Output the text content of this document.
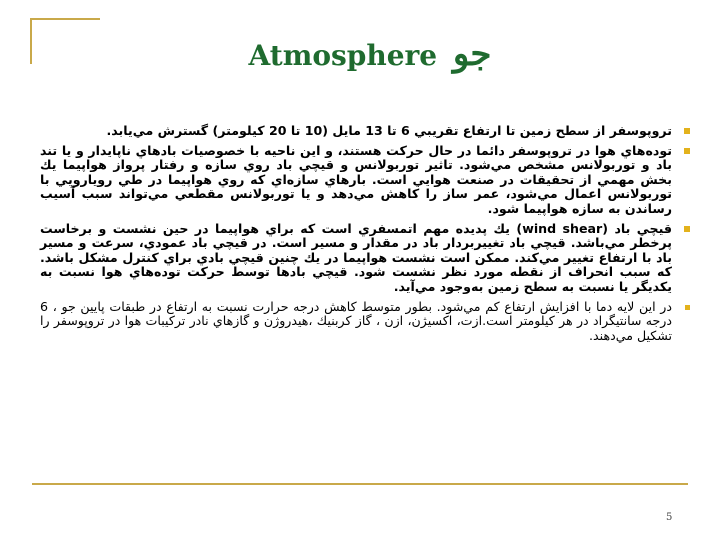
Atmosphere جو
تروپوسفر از سطح زمين تا ارتفاع تقريبي 6 تا 13 مايل (10 تا 20 كيلومتر) گسترش مي‌يابد.
توده‌هاي هوا در تروپوسفر دائما در حال حركت هستند، و اين ناحيه با خصوصيات بادهاي ناپايدار و يا تند باد و توربولانس مشخص مي‌شود. تاثير توربولانس و قيچي باد روي سازه و رفتار پرواز هواپيما يك بخش مهمي از تحقيقات در صنعت هوايي است. بارهاي سازه‌اي كه روي هواپيما در طي رويارويي با توربولانس اعمال مي‌شود، عمر ساز را كاهش مي‌دهد و يا توربولانس مقطعي مي‌تواند سبب آسيب رساندن به سازه هواپيما شود.
قيچي باد (wind shear) يك پديده مهم اتمسفري است كه براي هواپيما در حين نشست و برخاست پرخطر مي‌باشد. قيچي باد تغييربردار باد در مقدار و مسير است. در قيچي باد عمودي، سرعت و مسير باد با ارتفاع تغيير مي‌كند. ممكن است نشست هواپيما در يك چنين قيچي بادي براي كنترل مشكل باشد. كه سبب انحراف از نقطه مورد نظر نشست شود. قيچي بادها توسط حركت توده‌هاي هوا نسبت به يكديگر يا نسبت به سطح زمين به‌وجود مي‌آيد.
در اين لايه دما با افزايش ارتفاع كم مي‌شود. بطور متوسط كاهش درجه حرارت نسبت به ارتفاع در طبقات پايين جو ، 6 درجه سانتيگراد در هر كيلومتر است.ازت، اكسيژن، ازن ، گاز كربنيك ،هيدروژن و گازهاي نادر تركيبات هوا در تروپوسفر را تشكيل مي‌دهند.
5
